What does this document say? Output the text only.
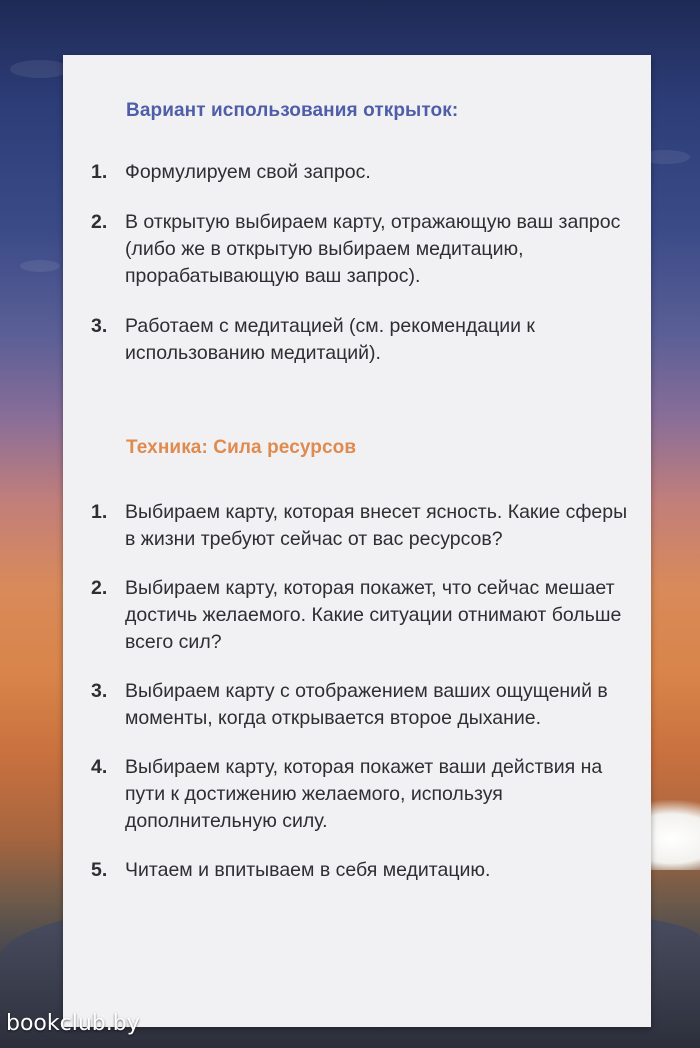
Вариант использования открыток:
1. Формулируем свой запрос.
2. В открытую выбираем карту, отражающую ваш запрос (либо же в открытую выбираем медитацию, прорабатывающую ваш запрос).
3. Работаем с медитацией (см. рекомендации к использованию медитаций).
Техника: Сила ресурсов
1. Выбираем карту, которая внесет ясность. Какие сферы в жизни требуют сейчас от вас ресурсов?
2. Выбираем карту, которая покажет, что сейчас мешает достичь желаемого. Какие ситуации отнимают больше всего сил?
3. Выбираем карту с отображением ваших ощущений в моменты, когда открывается второе дыхание.
4. Выбираем карту, которая покажет ваши действия на пути к достижению желаемого, используя дополнительную силу.
5. Читаем и впитываем в себя медитацию.
bookclub.by
